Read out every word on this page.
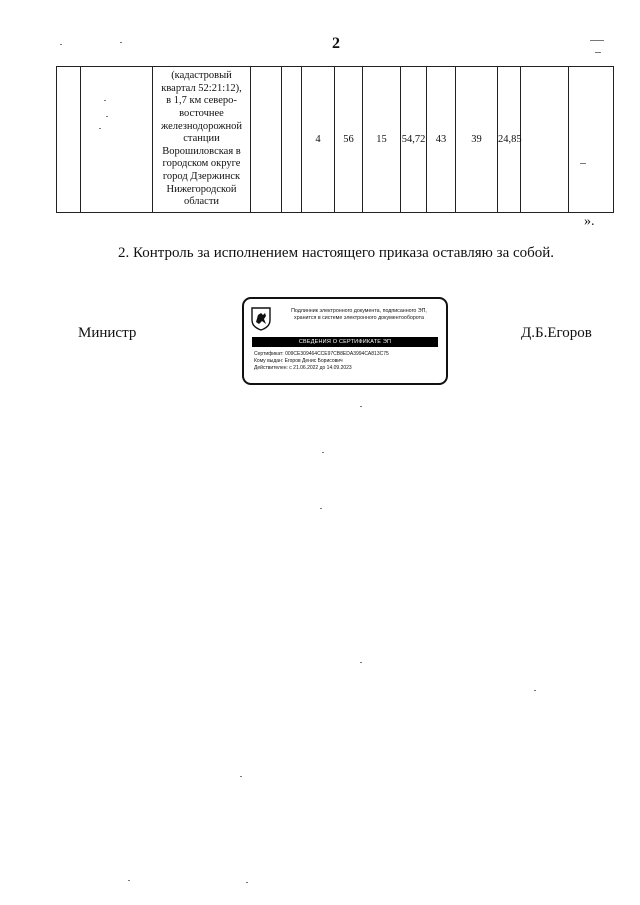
2

(кадастровый
квартал 52:21:12),
в 1,7 км северо-
восточнее
железнодорожной
станции
Ворошиловская в
городском округе
город Дзержинск
Нижегородской
области
			4	56	15	54,72	43	39	24,85		
».
2. Контроль за исполнением настоящего приказа оставляю за собой.
Министр
Подлинник электронного документа, подписанного ЭП,
хранится в системе электронного документооборота
СВЕДЕНИЯ О СЕРТИФИКАТЕ ЭП
Сертификат: 009CE309464CCE97CB8EDA3994CA813C75
Кому выдан: Егоров Денис Борисович
Действителен: с 21.06.2022 до 14.09.2023
Д.Б.Егоров
